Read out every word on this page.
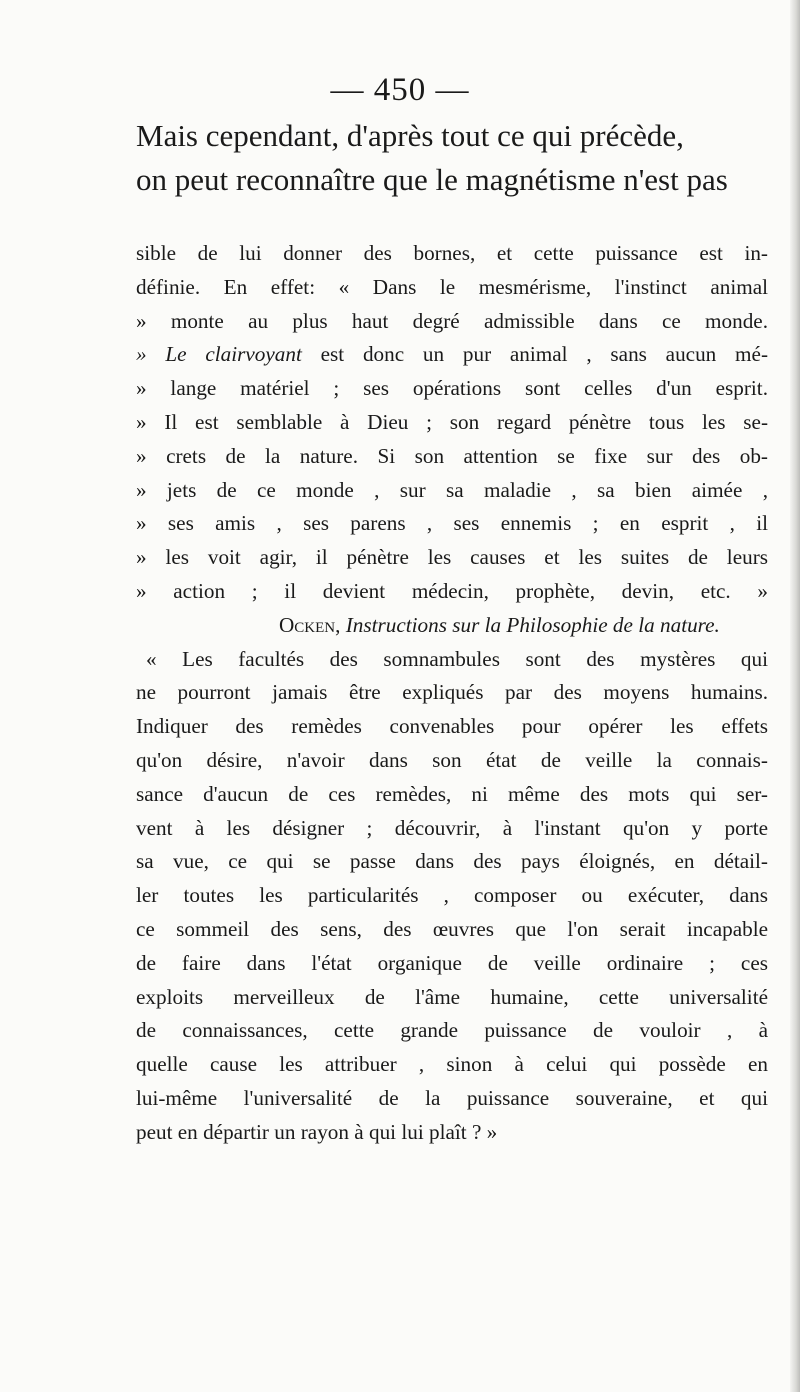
— 450 —
Mais cependant, d'après tout ce qui précède,
on peut reconnaître que le magnétisme n'est pas
sible de lui donner des bornes, et cette puissance est in-
définie. En effet: « Dans le mesmérisme, l'instinct animal
» monte au plus haut degré admissible dans ce monde.
» Le clairvoyant est donc un pur animal , sans aucun mé-
» lange matériel ; ses opérations sont celles d'un esprit.
» Il est semblable à Dieu ; son regard pénètre tous les se-
» crets de la nature. Si son attention se fixe sur des ob-
» jets de ce monde , sur sa maladie , sa bien aimée ,
» ses amis , ses parens , ses ennemis ; en esprit , il
» les voit agir, il pénètre les causes et les suites de leurs
» action ; il devient médecin, prophète, devin, etc. »
Ocken, Instructions sur la Philosophie de la nature.
« Les facultés des somnambules sont des mystères qui
ne pourront jamais être expliqués par des moyens humains.
Indiquer des remèdes convenables pour opérer les effets
qu'on désire, n'avoir dans son état de veille la connais-
sance d'aucun de ces remèdes, ni même des mots qui ser-
vent à les désigner ; découvrir, à l'instant qu'on y porte
sa vue, ce qui se passe dans des pays éloignés, en détail-
ler toutes les particularités , composer ou exécuter, dans
ce sommeil des sens, des œuvres que l'on serait incapable
de faire dans l'état organique de veille ordinaire ; ces
exploits merveilleux de l'âme humaine, cette universalité
de connaissances, cette grande puissance de vouloir , à
quelle cause les attribuer , sinon à celui qui possède en
lui-même l'universalité de la puissance souveraine, et qui
peut en départir un rayon à qui lui plaît ? »
